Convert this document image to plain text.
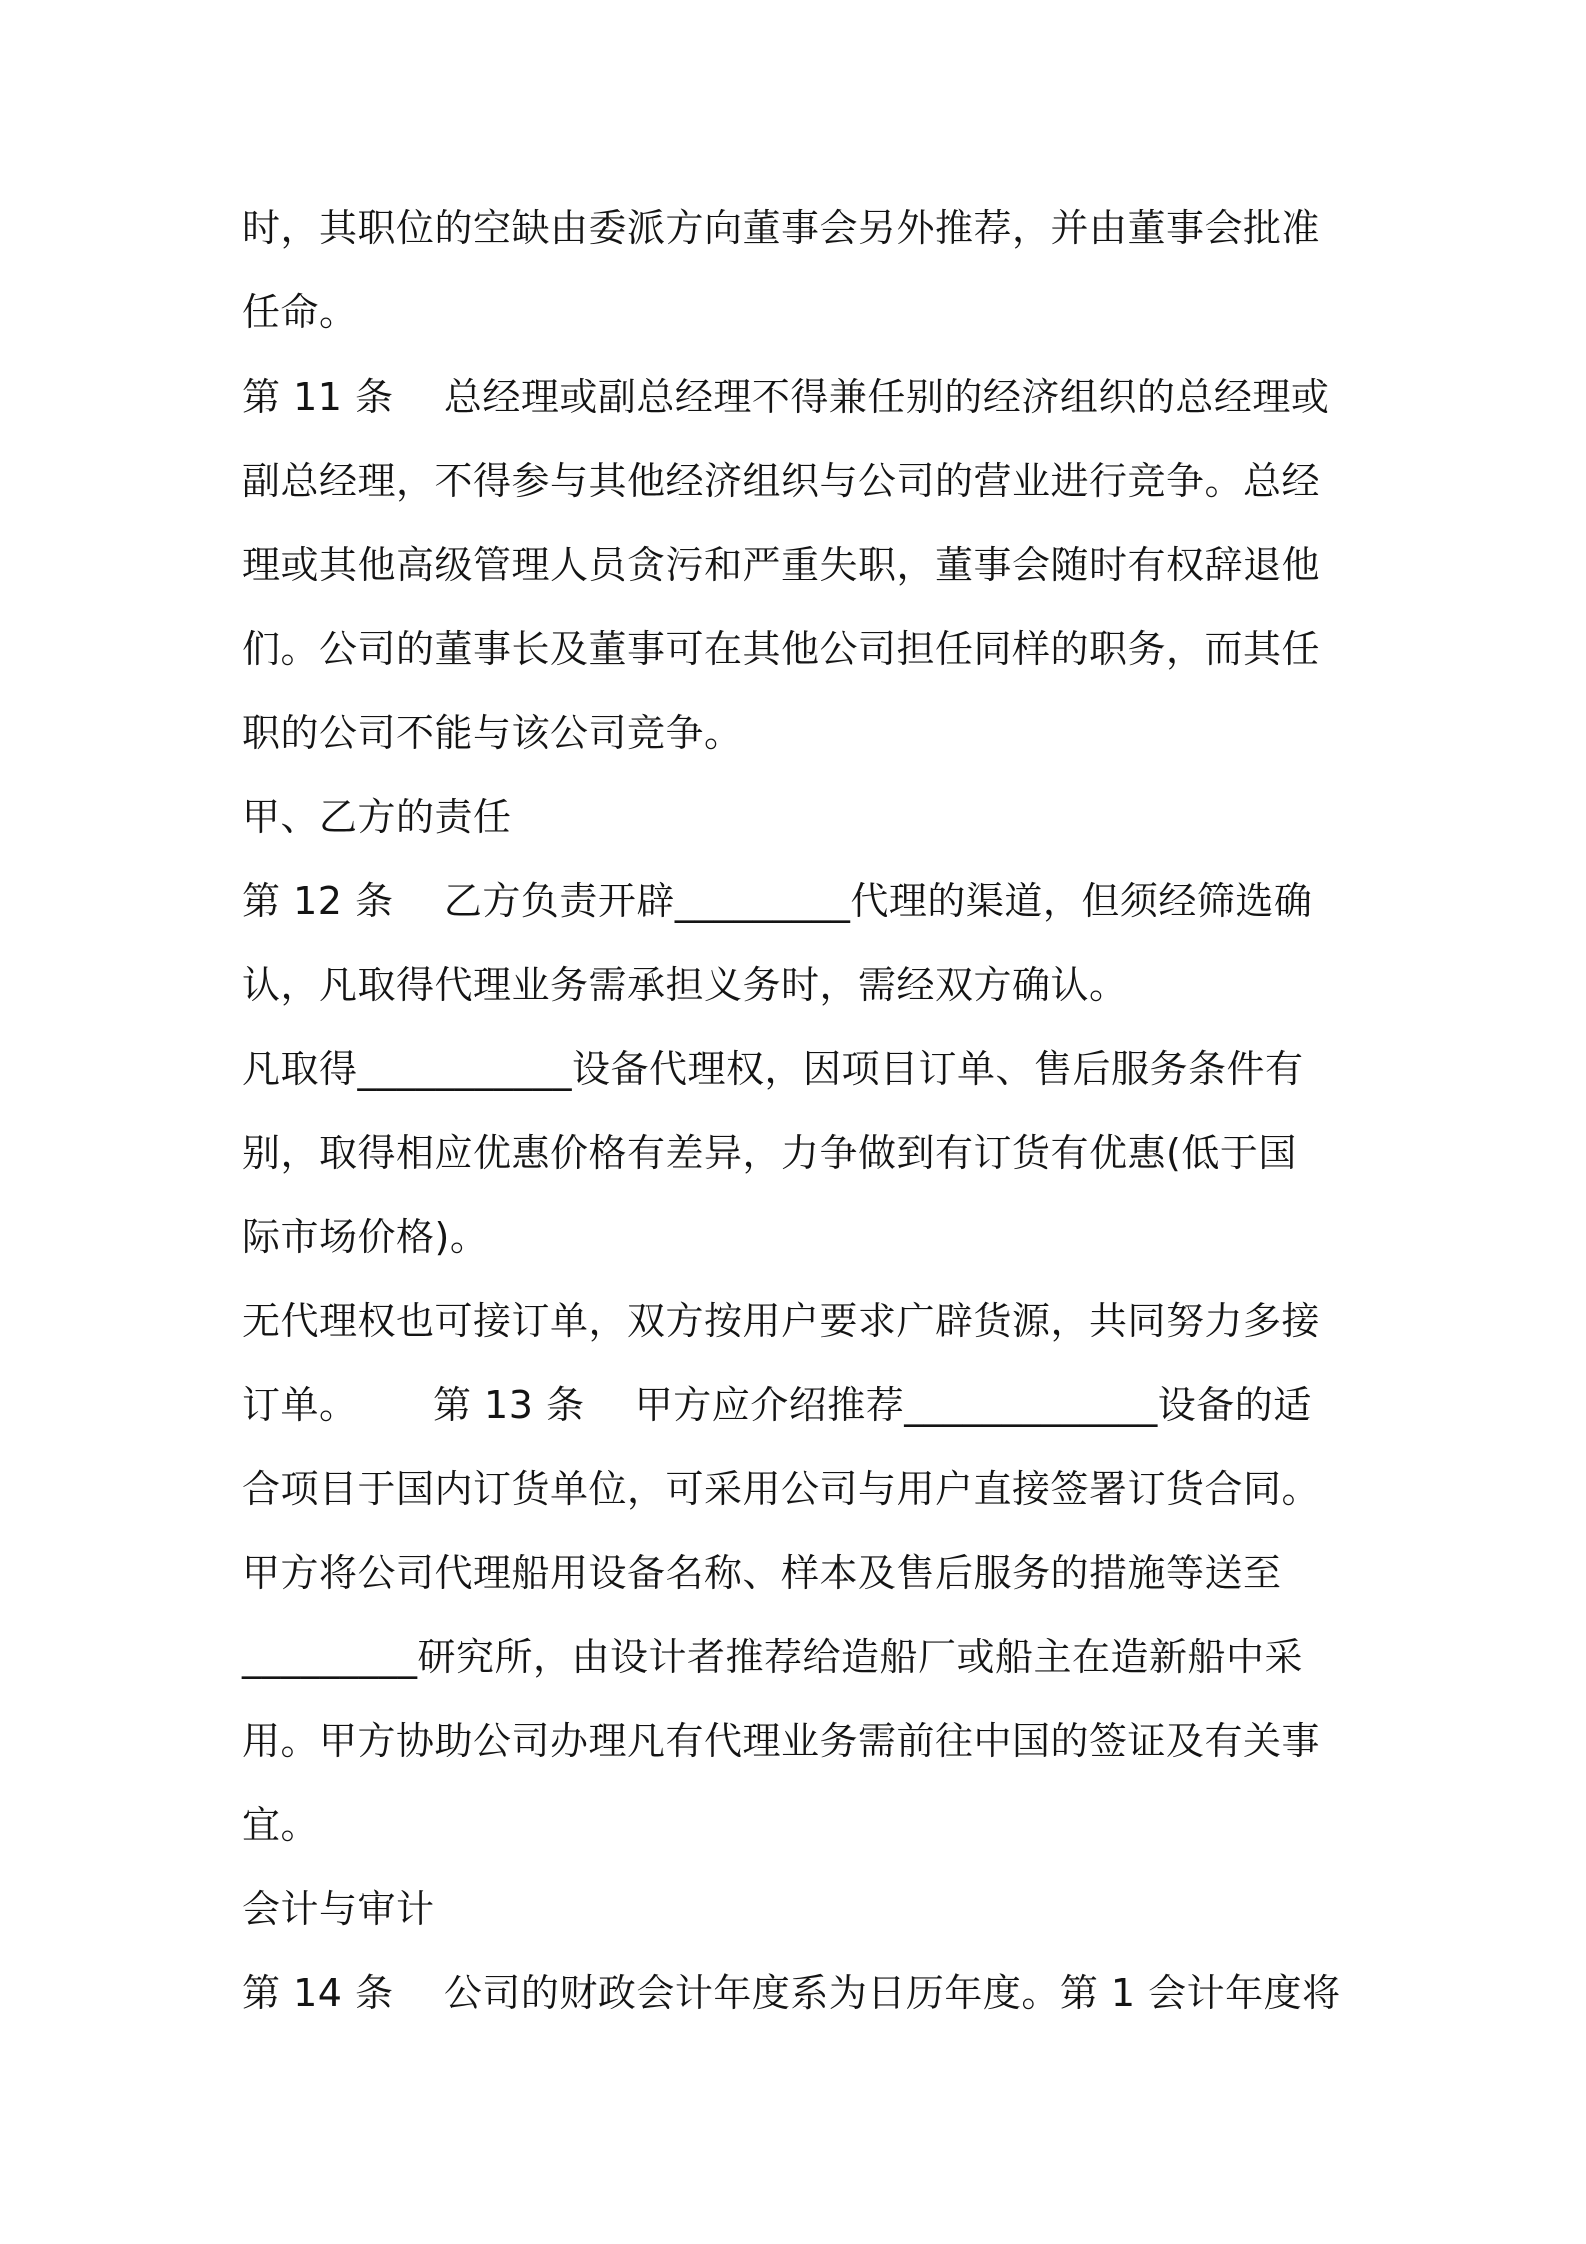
时，其职位的空缺由委派方向董事会另外推荐，并由董事会批准
任命。
第 11 条    总经理或副总经理不得兼任别的经济组织的总经理或
副总经理，不得参与其他经济组织与公司的营业进行竞争。总经
理或其他高级管理人员贪污和严重失职，董事会随时有权辞退他
们。公司的董事长及董事可在其他公司担任同样的职务，而其任
职的公司不能与该公司竞争。
甲、乙方的责任
第 12 条    乙方负责开辟_________代理的渠道，但须经筛选确
认，凡取得代理业务需承担义务时，需经双方确认。
凡取得___________设备代理权，因项目订单、售后服务条件有
别，取得相应优惠价格有差异，力争做到有订货有优惠(低于国
际市场价格)。
无代理权也可接订单，双方按用户要求广辟货源，共同努力多接
订单。      第 13 条    甲方应介绍推荐_____________设备的适
合项目于国内订货单位，可采用公司与用户直接签署订货合同。
甲方将公司代理船用设备名称、样本及售后服务的措施等送至
_________研究所，由设计者推荐给造船厂或船主在造新船中采
用。甲方协助公司办理凡有代理业务需前往中国的签证及有关事
宜。
会计与审计
第 14 条    公司的财政会计年度系为日历年度。第 1 会计年度将
